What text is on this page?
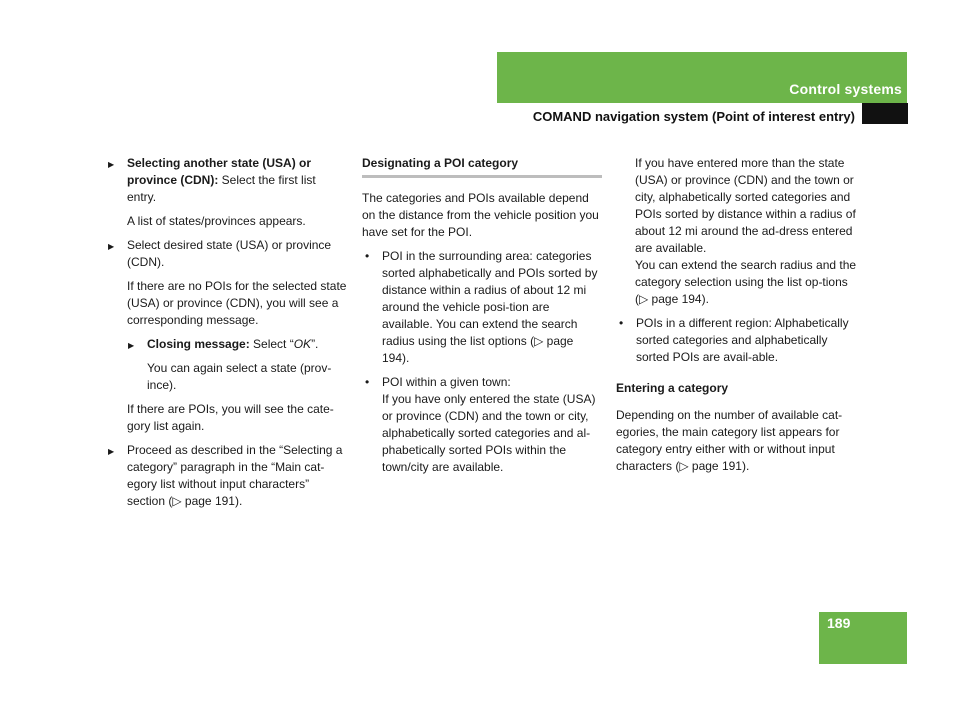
Control systems
COMAND navigation system (Point of interest entry)

▶ Selecting another state (USA) or province (CDN): Select the first list entry.

A list of states/provinces appears.

▶ Select desired state (USA) or province (CDN).

If there are no POIs for the selected state (USA) or province (CDN), you will see a corresponding message.

▶ Closing message: Select “OK”.

You can again select a state (prov-ince).

If there are POIs, you will see the cate-gory list again.

▶ Proceed as described in the “Selecting a category” paragraph in the “Main cat-egory list without input characters” section (▷ page 191).

Designating a POI category

The categories and POIs available depend on the distance from the vehicle position you have set for the POI.

• POI in the surrounding area: categories sorted alphabetically and POIs sorted by distance within a radius of about 12 mi around the vehicle posi-tion are available. You can extend the search radius using the list options (▷ page 194).

• POI within a given town:
If you have only entered the state (USA) or province (CDN) and the town or city, alphabetically sorted categories and al-phabetically sorted POIs within the town/city are available.
If you have entered more than the state (USA) or province (CDN) and the town or city, alphabetically sorted categories and POIs sorted by distance within a radius of about 12 mi around the ad-dress entered are available.
You can extend the search radius and the category selection using the list op-tions (▷ page 194).

• POIs in a different region: Alphabetically sorted categories and alphabetically sorted POIs are avail-able.

Entering a category

Depending on the number of available cat-egories, the main category list appears for category entry either with or without input characters (▷ page 191).

189
